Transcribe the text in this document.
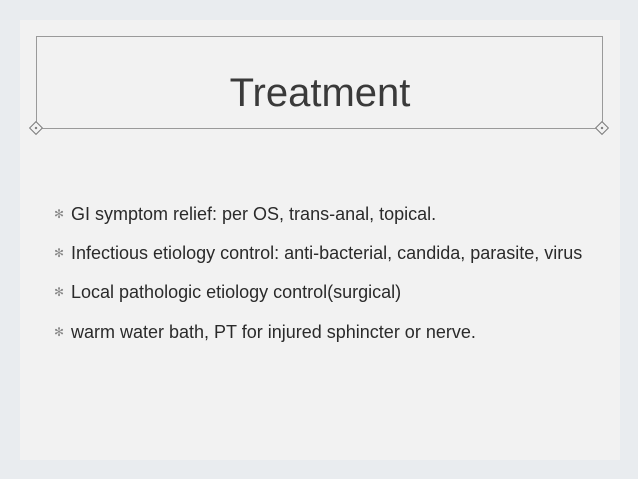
Treatment
✻ GI symptom relief: per OS, trans-anal, topical.
✻ Infectious etiology control: anti-bacterial, candida, parasite, virus
✻ Local pathologic etiology control(surgical)
✻ warm water bath, PT for injured sphincter or nerve.
